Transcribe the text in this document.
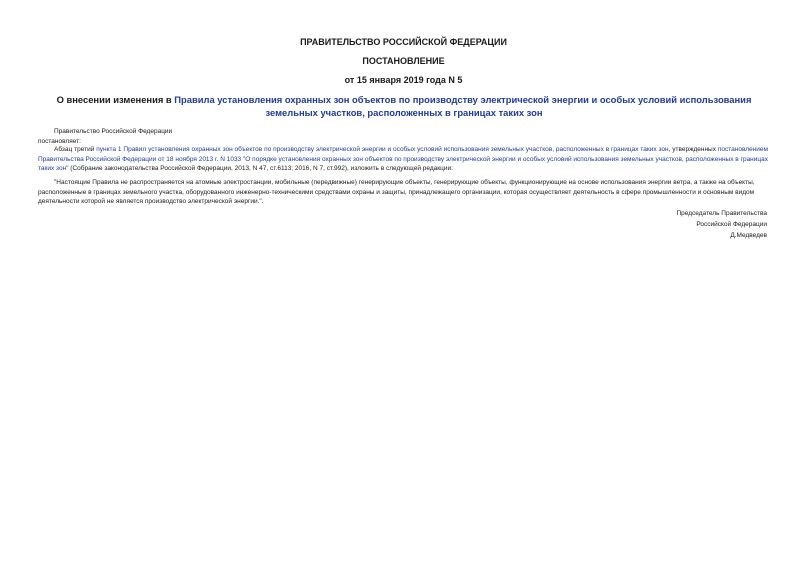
ПРАВИТЕЛЬСТВО РОССИЙСКОЙ ФЕДЕРАЦИИ
ПОСТАНОВЛЕНИЕ
от 15 января 2019 года N 5
О внесении изменения в Правила установления охранных зон объектов по производству электрической энергии и особых условий использования земельных участков, расположенных в границах таких зон
Правительство Российской Федерации
постановляет:
Абзац третий пункта 1 Правил установления охранных зон объектов по производству электрической энергии и особых условий использования земельных участков, расположенных в границах таких зон, утвержденных постановлением Правительства Российской Федерации от 18 ноября 2013 г. N 1033 "О порядке установления охранных зон объектов по производству электрической энергии и особых условий использования земельных участков, расположенных в границах таких зон" (Собрание законодательства Российской Федерации, 2013, N 47, ст.6113; 2016, N 7, ст.992), изложить в следующей редакции:
"Настоящие Правила не распространяется на атомные электростанции, мобильные (передвижные) генерирующие объекты, генерирующие объекты, функционирующие на основе использования энергии ветра, а также на объекты, расположенные в границах земельного участка, оборудованного инженерно-техническими средствами охраны и защиты, принадлежащего организации, которая осуществляет деятельность в сфере промышленности и основным видом деятельности которой не является производство электрической энергии.".
Председатель Правительства
Российской Федерации
Д.Медведев
